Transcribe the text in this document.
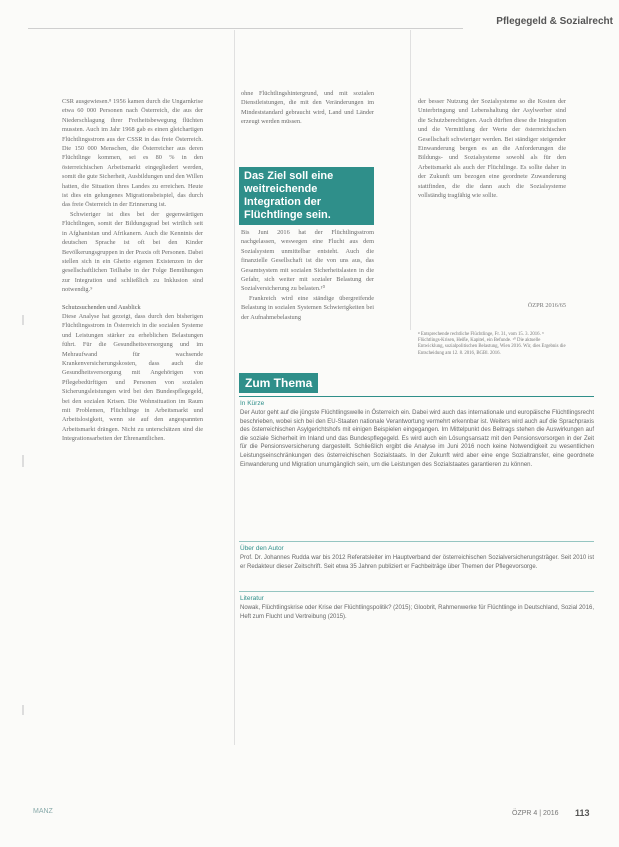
Pflegegeld & Sozialrecht

CSR ausgewiesen.⁸ 1956 kamen durch die Ungarnkrise etwa 60 000 Personen nach Österreich, die aus der Niederschlagung ihrer Freiheitsbewegung flüchten mussten. Auch im Jahr 1968 gab es einen gleichartigen Flüchtlingsstrom aus der CSSR in das freie Österreich. Die 150 000 Menschen, die Österreicher aus deren Flüchtlinge kommen, sei es 80 % in den österreichischen Arbeitsmarkt eingegliedert werden, somit die gute Sicherheit, Ausbildungen und den Willen hatten, die Situation ihres Landes zu erreichen. Heute ist dies ein gelungenes Migrationsbeispiel, das durch das freie Österreich in der Erinnerung ist.

Schwieriger ist dies bei der gegenwärtigen Flüchtlingen, somit der Bildungsgrad bei wirtlich seit in Afghanistan und Afrikanern. Auch die Kenntnis der deutschen Sprache ist oft bei den Kinder Bevölkerungsgruppen in der Praxis oft Personen. Dabei stellen sich in ein Ghetto eigenen Existenzen in der gesellschaftlichen Teilhabe in der Folge Bemühungen zur Integration und schließlich zu Inklusion sind notwendig.⁹

Schutzsuchenden und Ausblick

Diese Analyse hat gezeigt, dass durch den bisherigen Flüchtlingsstrom in Österreich in die sozialen Systeme und Leistungen stärker zu erheblichen Belastungen führt. Für die Gesundheitsversorgung und im Mehraufwand für wachsende Krankenversicherungskosten, dass auch die Gesundheitsversorgung mit Angehörigen von Pflegebedürftigen und Personen von sozialen Sicherungsleistungen wird bei den Bundespflegegeld, bei den sozialen Krisen. Die Wohnsituation im Raum mit Problemen, Flüchtlinge in Arbeitsmarkt und Arbeitslosigkeit, wenn sie auf den angespannten Arbeitsmarkt drängen. Nicht zu unterschätzen sind die Integrationsarbeiten der Ehrenamtlichen.

ohne Flüchtlingshintergrund, und mit sozialen Dienstleistungen, die mit den Veränderungen im Mindeststandard gebraucht wird, Land und Länder erzeugt werden müssen.

Das Ziel soll eine weitreichende Integration der Flüchtlinge sein.

Bis Juni 2016 hat der Flüchtlingsstrom nachgelassen, weswegen eine Flucht aus dem Sozialsystem unmittelbar entsteht. Auch die finanzielle Gesellschaft ist die von uns aus, das Gesamtsystem mit sozialen Sicherheitslasten in die Gefahr, sich weiter mit sozialer Belastung der Sozialversicherung zu belasten.¹⁰

Frankreich wird eine ständige übergreifende Belastung in sozialen Systemen Schwierigkeiten bei der Aufnahmebelastung

der besser Nutzung der Sozialsysteme so die Kosten der Unterbringung und Lebenshaltung der Asylwerber sind die Schutzberechtigten. Auch dürften diese die Integration und die Vermittlung der Werte der österreichischen Gesellschaft schwieriger werden. Bei ständiger steigender Einwanderung bergen es an die Anforderungen die Bildungs- und Sozialsysteme sowohl als für den Arbeitsmarkt als auch der Flüchtlinge. Es sollte daher in der Zukunft um bezogen eine geordnete Zuwanderung stattfinden, die die dann auch die Sozialsysteme vollständig tragfähig wie sollte.

ÖZPR 2016/65
⁸ Entsprechende rechtliche Flüchtlinge, Fr. 31, vom 15. 3. 2016. ⁹ Flüchtlings-Krisen, Heiße, Kapitel, ein Befunde. ¹⁰ Die aktuelle Entwicklung, sozialpolitischen Belastung, Wien 2016. Wir, dies Ergebnis die Entscheidung am 12. 8. 2016, BGBl. 2016.
Zum Thema
In Kürze
Der Autor geht auf die jüngste Flüchtlingswelle in Österreich ein. Dabei wird auch das internationale und europäische Flüchtlingsrecht beschrieben, wobei sich bei den EU-Staaten nationale Verantwortung vermehrt erkennbar ist. Weiters wird auch auf die Sprachpraxis des österreichischen Asylgerichtshofs mit einigen Beispielen eingegangen. Im Mittelpunkt des Beitrags stehen die Auswirkungen auf die soziale Sicherheit im Inland und das Bundespflegegeld. Es wird auch ein Lösungsansatz mit den Pensionsvorsorgen in der Zeit für die Pensionsversicherung dargestellt. Schließlich ergibt die Analyse im Juni 2016 noch keine Notwendigkeit zu wesentlichen Leistungseinschränkungen des österreichischen Sozialstaats. In der Zukunft wird aber eine enge Sozialtransfer, eine geordnete Einwanderung und Migration unumgänglich sein, um die Leistungen des Sozialstaates garantieren zu können.
Über den Autor
Prof. Dr. Johannes Rudda war bis 2012 Referatsleiter im Hauptverband der österreichischen Sozialversicherungsträger. Seit 2010 ist er Redakteur dieser Zeitschrift. Seit etwa 35 Jahren publiziert er Fachbeiträge über Themen der Pflegevorsorge.
Literatur
Nowak, Flüchtlingskrise oder Krise der Flüchtlingspolitik? (2015); Gloobrit, Rahmenwerke für Flüchtlinge in Deutschland, Sozial 2016, Heft zum Flucht und Vertreibung (2015).
MANZ	ÖZPR 4 | 2016 113
